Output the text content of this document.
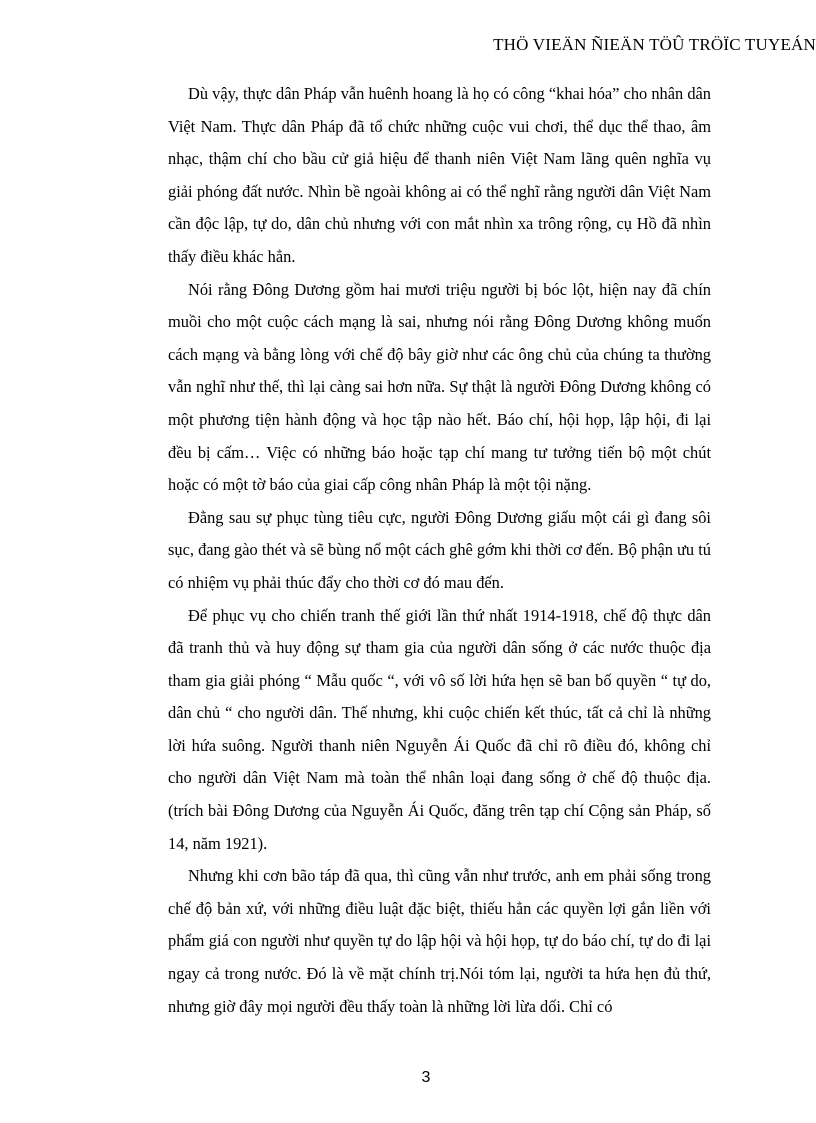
THÖ VIEÄN ÑIEÄN TÖÛ TRÖÏC TUYEÁN

Dù vậy, thực dân Pháp vẫn huênh hoang là họ có công “khai hóa” cho nhân dân Việt Nam. Thực dân Pháp đã tổ chức những cuộc vui chơi, thể dục thể thao, âm nhạc, thậm chí cho bầu cử giả hiệu để thanh niên Việt Nam lãng quên nghĩa vụ giải phóng đất nước. Nhìn bề ngoài không ai có thể nghĩ rằng người dân Việt Nam cần độc lập, tự do, dân chủ nhưng với con mắt nhìn xa trông rộng, cụ Hồ đã nhìn thấy điều khác hẳn.

Nói rằng Đông Dương gồm hai mươi triệu người bị bóc lột, hiện nay đã chín muồi cho một cuộc cách mạng là sai, nhưng nói rằng Đông Dương không muốn cách mạng và bằng lòng với chế độ bây giờ như các ông chủ của chúng ta thường vẫn nghĩ như thế, thì lại càng sai hơn nữa. Sự thật là người Đông Dương không có một phương tiện hành động và học tập nào hết. Báo chí, hội họp, lập hội, đi lại đều bị cấm… Việc có những báo hoặc tạp chí mang tư tưởng tiến bộ một chút hoặc có một tờ báo của giai cấp công nhân Pháp là một tội nặng.

Đằng sau sự phục tùng tiêu cực, người Đông Dương giấu một cái gì đang sôi sục, đang gào thét và sẽ bùng nổ một cách ghê gớm khi thời cơ đến. Bộ phận ưu tú có nhiệm vụ phải thúc đẩy cho thời cơ đó mau đến.

Để phục vụ cho chiến tranh thế giới lần thứ nhất 1914-1918, chế độ thực dân đã tranh thủ và huy động sự tham gia của người dân sống ở các nước thuộc địa tham gia giải phóng “ Mẫu quốc “, với vô số lời hứa hẹn sẽ ban bố quyền “ tự do, dân chủ “ cho người dân. Thế nhưng, khi cuộc chiến kết thúc, tất cả chỉ là những lời hứa suông. Người thanh niên Nguyễn Ái Quốc đã chỉ rõ điều đó, không chỉ cho người dân Việt Nam mà toàn thể nhân loại đang sống ở chế độ thuộc địa. (trích bài Đông Dương của Nguyễn Ái Quốc, đăng trên tạp chí Cộng sản Pháp, số 14, năm 1921).

Nhưng khi cơn bão táp đã qua, thì cũng vẫn như trước, anh em phải sống trong chế độ bản xứ, với những điều luật đặc biệt, thiếu hẳn các quyền lợi gắn liền với phẩm giá con người như quyền tự do lập hội và hội họp, tự do báo chí, tự do đi lại ngay cả trong nước. Đó là về mặt chính trị.Nói tóm lại, người ta hứa hẹn đủ thứ, nhưng giờ đây mọi người đều thấy toàn là những lời lừa dối. Chỉ có

3
